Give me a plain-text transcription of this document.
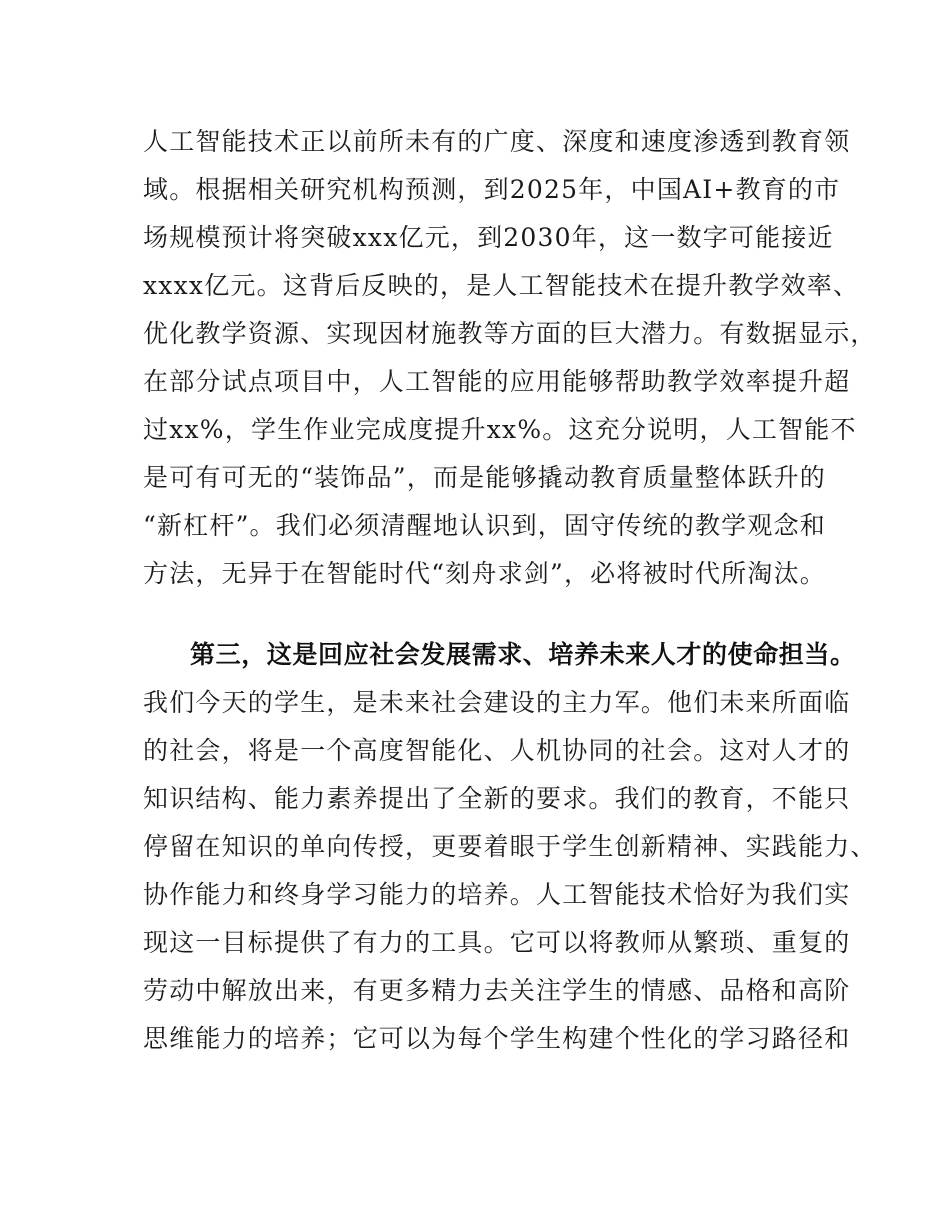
人工智能技术正以前所未有的广度、深度和速度渗透到教育领
域。根据相关研究机构预测，到2025年，中国AI+教育的市
场规模预计将突破xxx亿元，到2030年，这一数字可能接近
xxxx亿元。这背后反映的，是人工智能技术在提升教学效率、
优化教学资源、实现因材施教等方面的巨大潜力。有数据显示，
在部分试点项目中，人工智能的应用能够帮助教学效率提升超
过xx%，学生作业完成度提升xx%。这充分说明，人工智能不
是可有可无的“装饰品”，而是能够撬动教育质量整体跃升的
“新杠杆”。我们必须清醒地认识到，固守传统的教学观念和
方法，无异于在智能时代“刻舟求剑”，必将被时代所淘汰。
第三，这是回应社会发展需求、培养未来人才的使命担当。
我们今天的学生，是未来社会建设的主力军。他们未来所面临
的社会，将是一个高度智能化、人机协同的社会。这对人才的
知识结构、能力素养提出了全新的要求。我们的教育，不能只
停留在知识的单向传授，更要着眼于学生创新精神、实践能力、
协作能力和终身学习能力的培养。人工智能技术恰好为我们实
现这一目标提供了有力的工具。它可以将教师从繁琐、重复的
劳动中解放出来，有更多精力去关注学生的情感、品格和高阶
思维能力的培养；它可以为每个学生构建个性化的学习路径和
